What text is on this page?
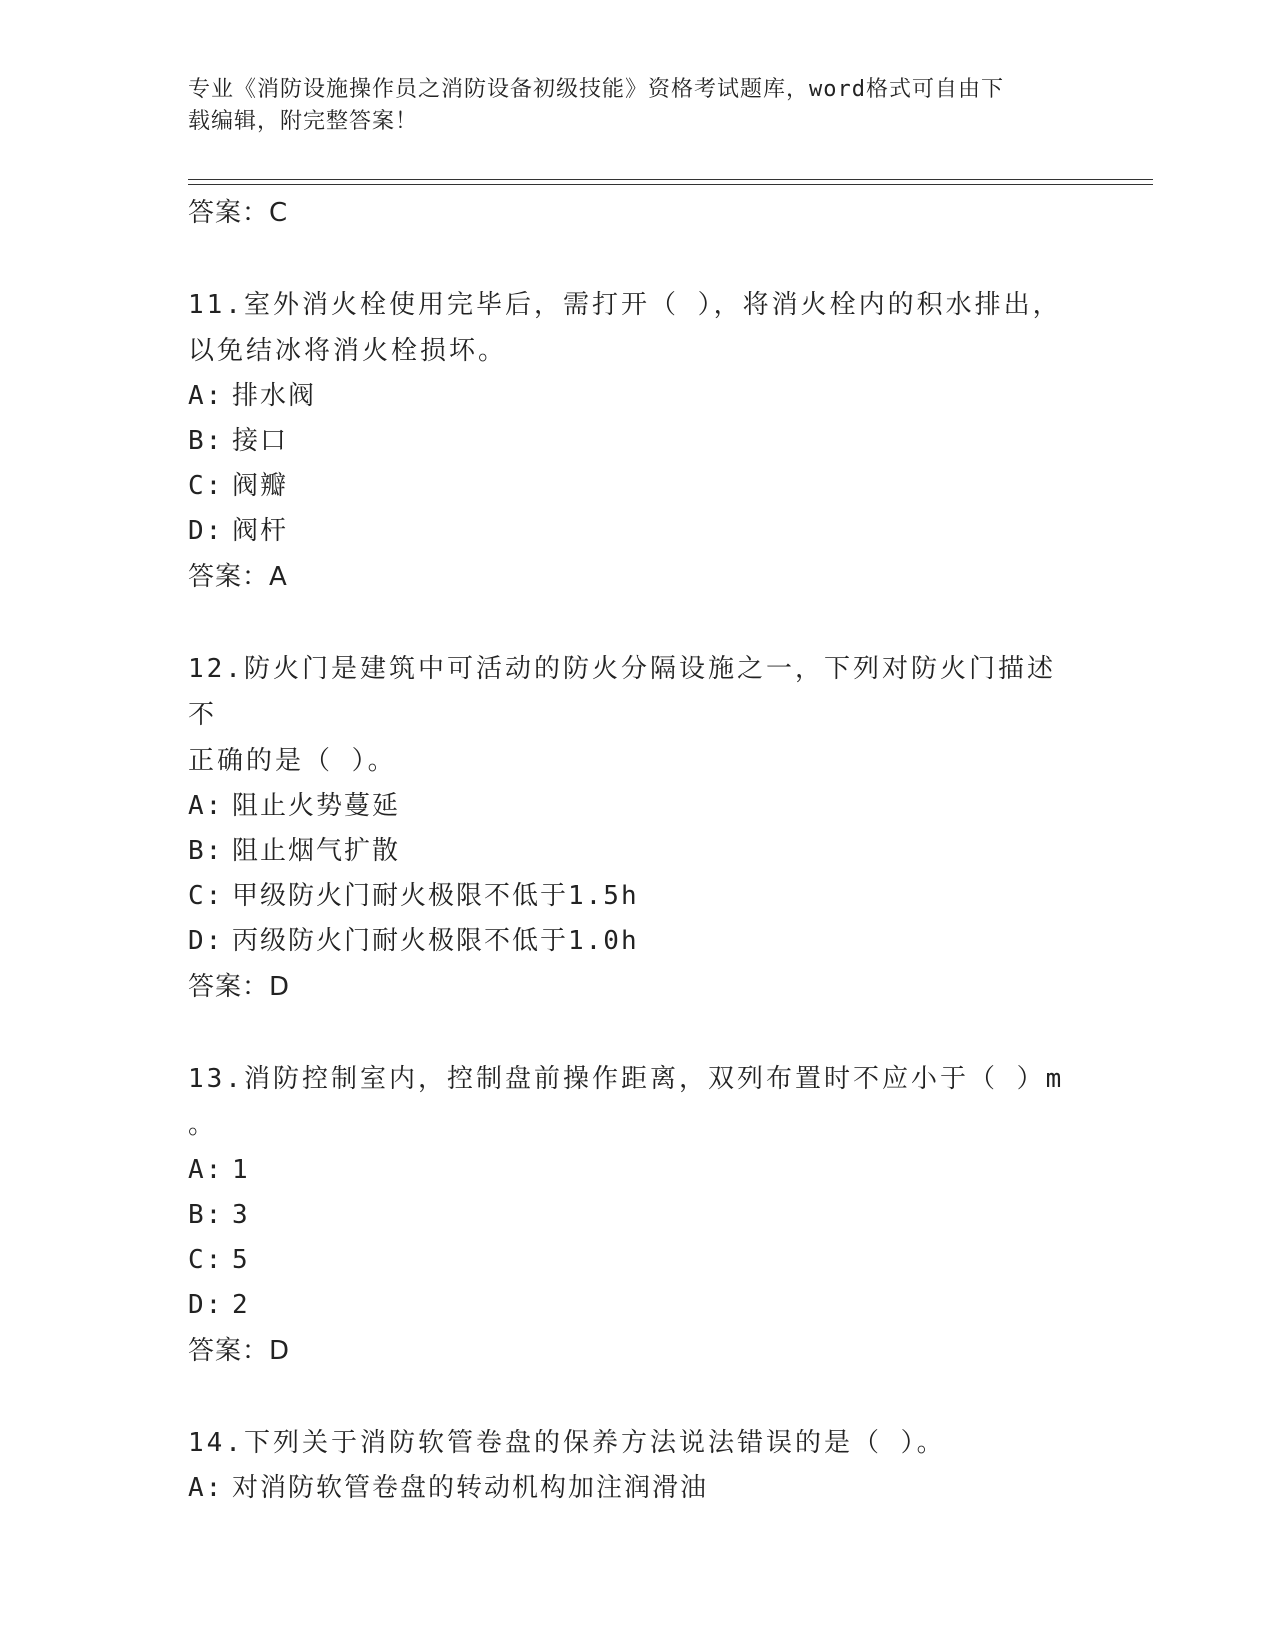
专业《消防设施操作员之消防设备初级技能》资格考试题库，word格式可自由下
载编辑，附完整答案！
答案：C
11.室外消火栓使用完毕后，需打开（ ），将消火栓内的积水排出，
以免结冰将消火栓损坏。
A: 排水阀
B: 接口
C: 阀瓣
D: 阀杆
答案：A
12.防火门是建筑中可活动的防火分隔设施之一，下列对防火门描述不
正确的是（ ）。
A: 阻止火势蔓延
B: 阻止烟气扩散
C: 甲级防火门耐火极限不低于1.5h
D: 丙级防火门耐火极限不低于1.0h
答案：D
13.消防控制室内，控制盘前操作距离，双列布置时不应小于（ ）m
。
A: 1
B: 3
C: 5
D: 2
答案：D
14.下列关于消防软管卷盘的保养方法说法错误的是（ ）。
A: 对消防软管卷盘的转动机构加注润滑油
